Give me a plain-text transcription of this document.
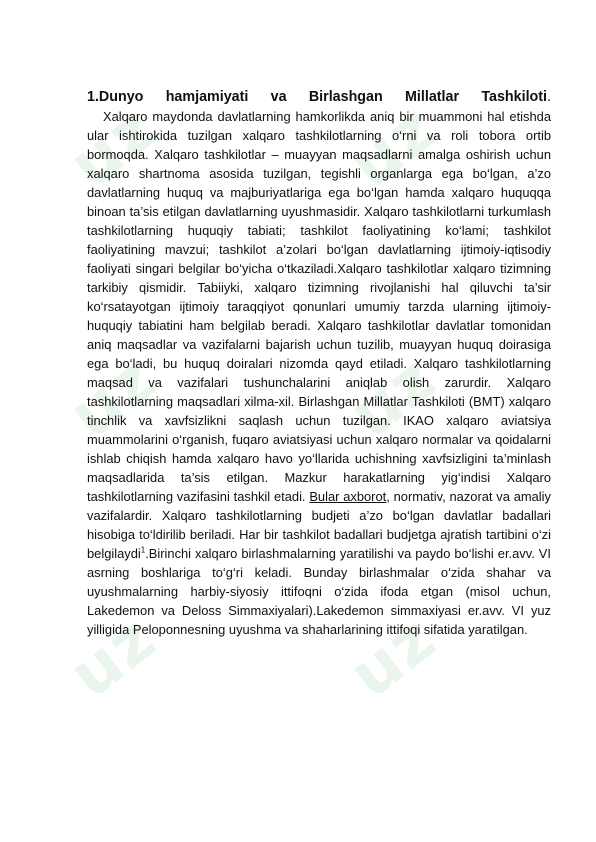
uz	uz
uz	uz
uz	uz

1.Dunyo hamjamiyati va Birlashgan Millatlar Tashkiloti.

Xalqaro maydonda davlatlarning hamkorlikda aniq bir muammoni hal etishda ular ishtirokida tuzilgan xalqaro tashkilotlarning o‘rni va roli tobora ortib bormoqda. Xalqaro tashkilotlar – muayyan maqsadlarni amalga oshirish uchun xalqaro shartnoma asosida tuzilgan, tegishli organlarga ega bo‘lgan, a’zo davlatlarning huquq va majburiyatlariga ega bo‘lgan hamda xalqaro huquqqa binoan ta’sis etilgan davlatlarning uyushmasidir. Xalqaro tashkilotlarni turkumlash tashkilotlarning huquqiy tabiati; tashkilot faoliyatining ko‘lami; tashkilot faoliyatining mavzui; tashkilot a’zolari bo‘lgan davlatlarning ijtimoiy-iqtisodiy faoliyati singari belgilar bo‘yicha o‘tkaziladi.Xalqaro tashkilotlar xalqaro tizimning tarkibiy qismidir. Tabiiyki, xalqaro tizimning rivojlanishi hal qiluvchi ta’sir ko‘rsatayotgan ijtimoiy taraqqiyot qonunlari umumiy tarzda ularning ijtimoiy-huquqiy tabiatini ham belgilab beradi. Xalqaro tashkilotlar davlatlar tomonidan aniq maqsadlar va vazifalarni bajarish uchun tuzilib, muayyan huquq doirasiga ega bo‘ladi, bu huquq doiralari nizomda qayd etiladi. Xalqaro tashkilotlarning maqsad va vazifalari tushunchalarini aniqlab olish zarurdir. Xalqaro tashkilotlarning maqsadlari xilma-xil. Birlashgan Millatlar Tashkiloti (BMT) xalqaro tinchlik va xavfsizlikni saqlash uchun tuzilgan. IKAO xalqaro aviatsiya muammolarini o‘rganish, fuqaro aviatsiyasi uchun xalqaro normalar va qoidalarni ishlab chiqish hamda xalqaro havo yo‘llarida uchishning xavfsizligini ta’minlash maqsadlarida ta’sis etilgan. Mazkur harakatlarning yig‘indisi Xalqaro tashkilotlarning vazifasini tashkil etadi. Bular axborot, normativ, nazorat va amaliy vazifalardir. Xalqaro tashkilotlarning budjeti a’zo bo‘lgan davlatlar badallari hisobiga to‘ldirilib beriladi. Har bir tashkilot badallari budjetga ajratish tartibini o‘zi belgilaydi$^1$.Birinchi xalqaro birlashmalarning yaratilishi va paydo bo‘lishi er.avv. VI asrning boshlariga to‘g‘ri keladi. Bunday birlashmalar o‘zida shahar va uyushmalarning harbiy-siyosiy ittifoqni o‘zida ifoda etgan (misol uchun, Lakedemon va Deloss Simmaxiyalari).Lakedemon simmaxiyasi er.avv. VI yuz yilligida Peloponnesning uyushma va shaharlarining ittifoqi sifatida yaratilgan.
